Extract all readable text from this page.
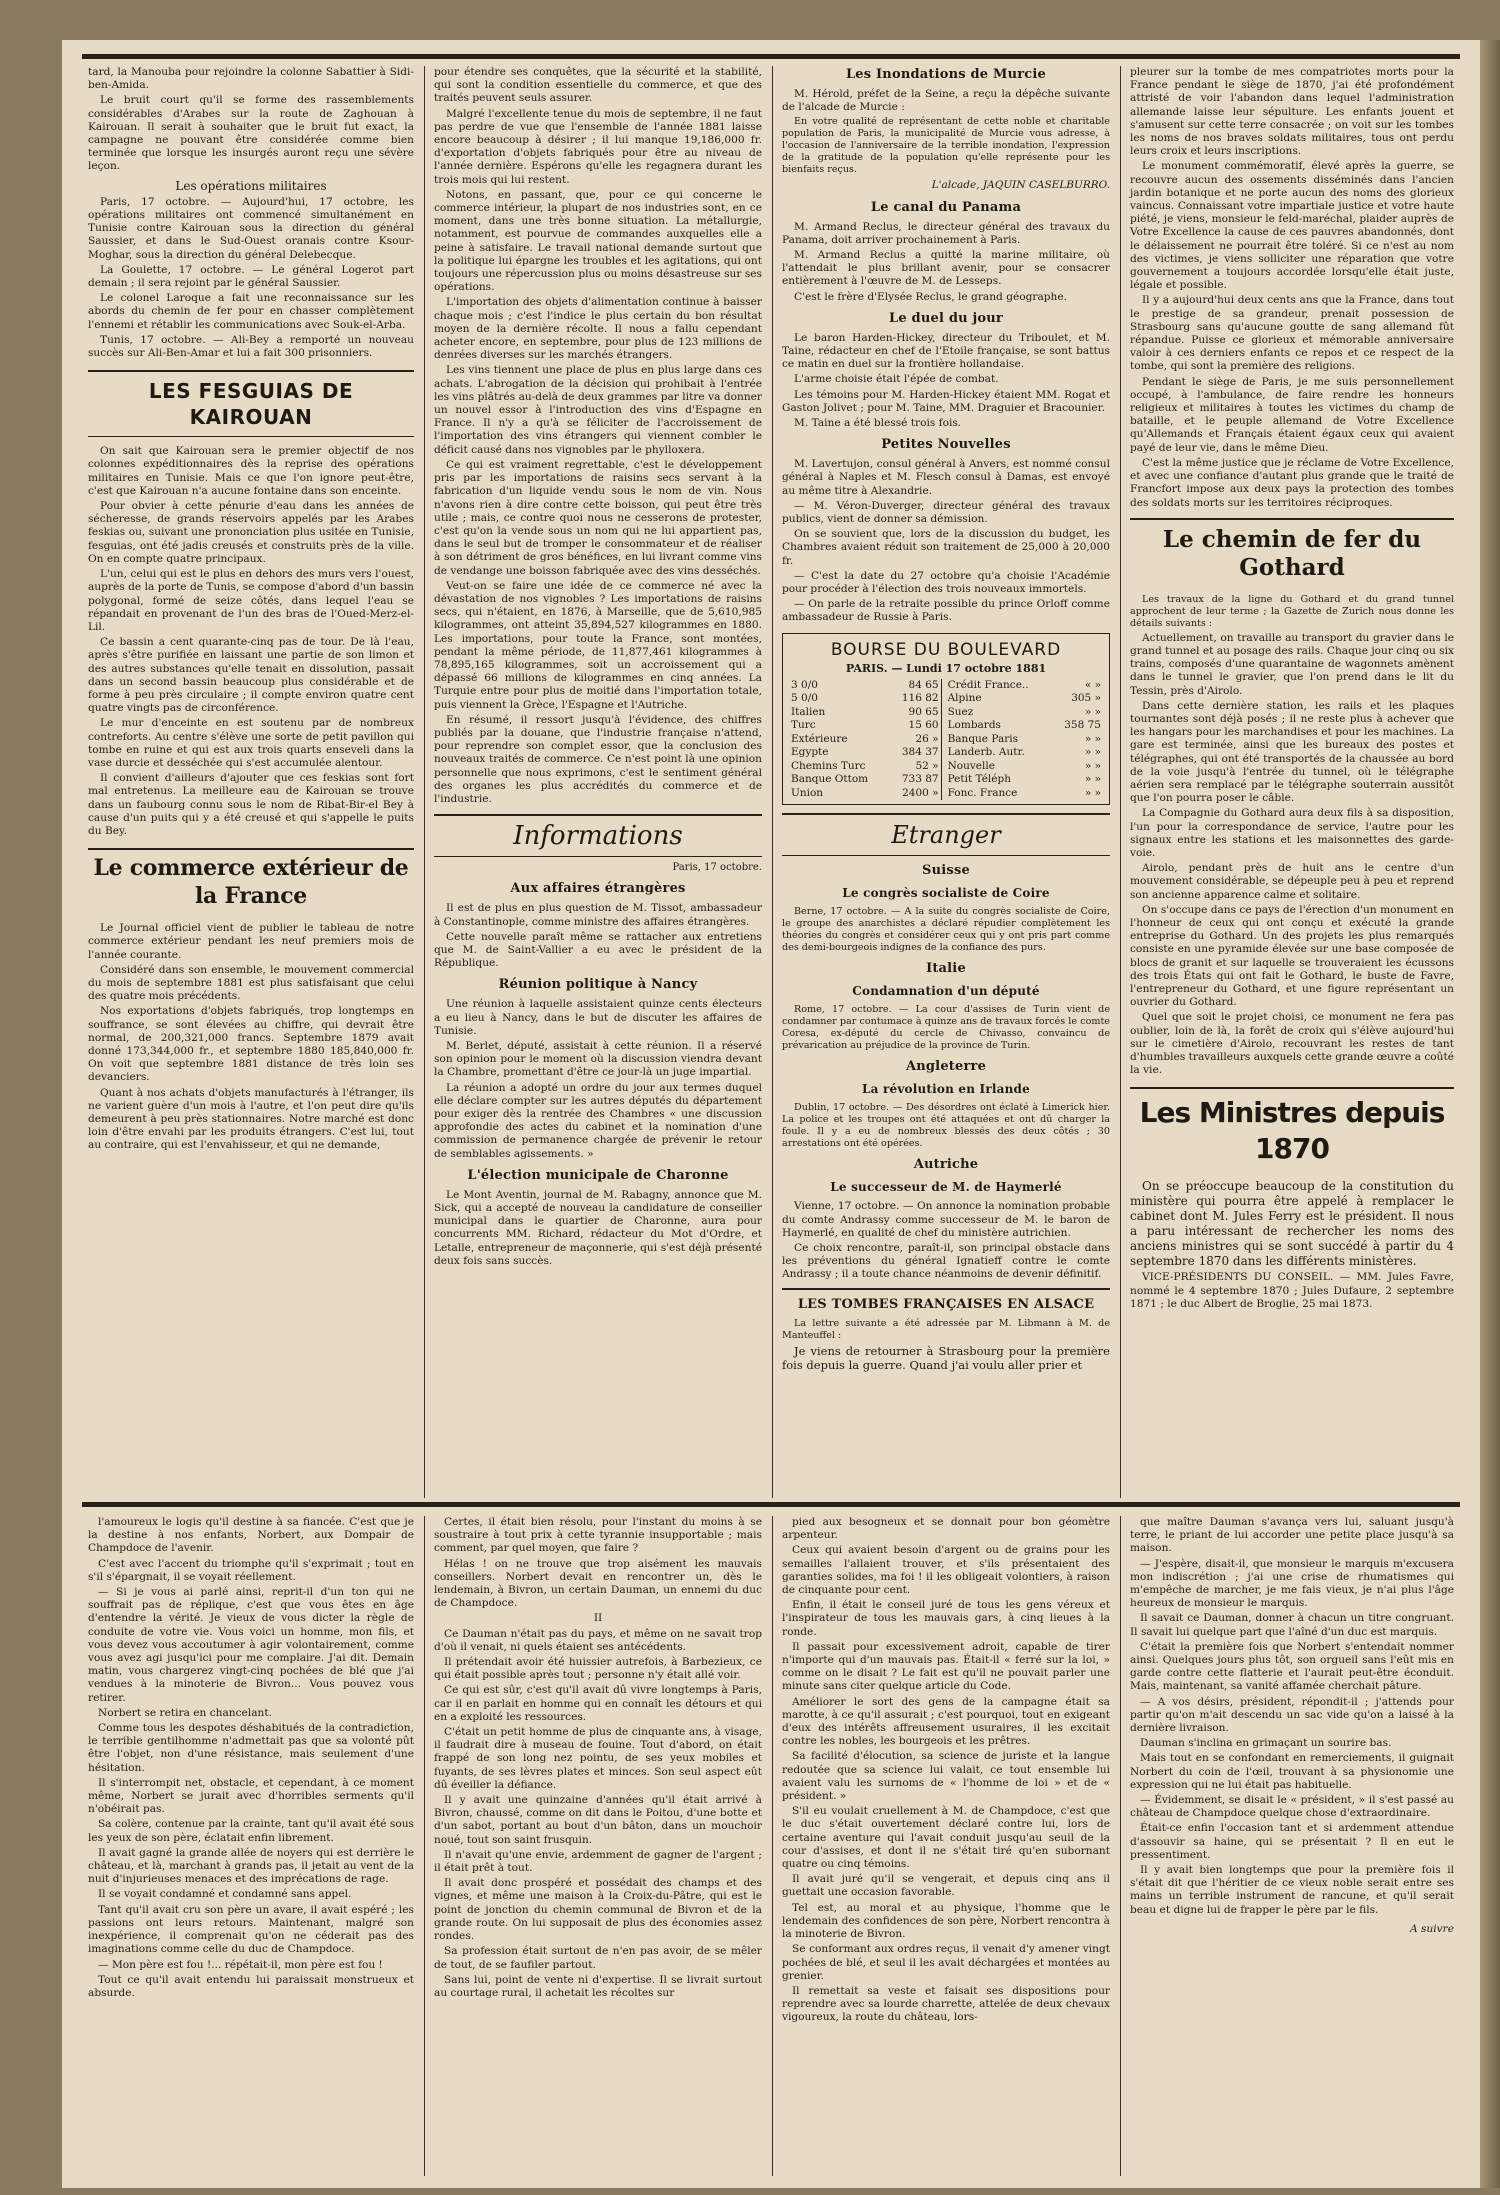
tard, la Manouba pour rejoindre la colonne Sabattier à Sidi-ben-Amida.

Le bruit court qu'il se forme des rassemblements considérables d'Arabes sur la route de Zaghouan à Kairouan. Il serait à souhaiter que le bruit fut exact, la campagne ne pouvant être considérée comme bien terminée que lorsque les insurgés auront reçu une sévère leçon.

Les opérations militaires

Paris, 17 octobre. — Aujourd'hui, 17 octobre, les opérations militaires ont commencé simultanément en Tunisie contre Kairouan sous la direction du général Saussier, et dans le Sud-Ouest oranais contre Ksour-Moghar, sous la direction du général Delebecque.

La Goulette, 17 octobre. — Le général Logerot part demain ; il sera rejoint par le général Saussier.

Le colonel Laroque a fait une reconnaissance sur les abords du chemin de fer pour en chasser complètement l'ennemi et rétablir les communications avec Souk-el-Arba.

Tunis, 17 octobre. — Ali-Bey a remporté un nouveau succès sur Ali-Ben-Amar et lui a fait 300 prisonniers.

LES FESGUIAS DE KAIROUAN

On sait que Kairouan sera le premier objectif de nos colonnes expéditionnaires dès la reprise des opérations militaires en Tunisie. Mais ce que l'on ignore peut-être, c'est que Kairouan n'a aucune fontaine dans son enceinte.

Pour obvier à cette pénurie d'eau dans les années de sécheresse, de grands réservoirs appelés par les Arabes feskias ou, suivant une prononciation plus usitée en Tunisie, fesguias, ont été jadis creusés et construits près de la ville. On en compte quatre principaux.

L'un, celui qui est le plus en dehors des murs vers l'ouest, auprès de la porte de Tunis, se compose d'abord d'un bassin polygonal, formé de seize côtés, dans lequel l'eau se répandait en provenant de l'un des bras de l'Oued-Merz-el-Lil.

Ce bassin a cent quarante-cinq pas de tour. De là l'eau, après s'être purifiée en laissant une partie de son limon et des autres substances qu'elle tenait en dissolution, passait dans un second bassin beaucoup plus considérable et de forme à peu près circulaire ; il compte environ quatre cent quatre vingts pas de circonférence.

Le mur d'enceinte en est soutenu par de nombreux contreforts. Au centre s'élève une sorte de petit pavillon qui tombe en ruine et qui est aux trois quarts enseveli dans la vase durcie et desséchée qui s'est accumulée alentour.

Il convient d'ailleurs d'ajouter que ces feskias sont fort mal entretenus. La meilleure eau de Kairouan se trouve dans un faubourg connu sous le nom de Ribat-Bir-el Bey à cause d'un puits qui y a été creusé et qui s'appelle le puits du Bey.

Le commerce extérieur de la France

Le Journal officiel vient de publier le tableau de notre commerce extérieur pendant les neuf premiers mois de l'année courante.

Considéré dans son ensemble, le mouvement commercial du mois de septembre 1881 est plus satisfaisant que celui des quatre mois précédents.

Nos exportations d'objets fabriqués, trop longtemps en souffrance, se sont élevées au chiffre, qui devrait être normal, de 200,321,000 francs. Septembre 1879 avait donné 173,344,000 fr., et septembre 1880 185,840,000 fr. On voit que septembre 1881 distance de très loin ses devanciers.

Quant à nos achats d'objets manufacturés à l'étranger, ils ne varient guère d'un mois à l'autre, et l'on peut dire qu'ils demeurent à peu près stationnaires. Notre marché est donc loin d'être envahi par les produits étrangers. C'est lui, tout au contraire, qui est l'envahisseur, et qui ne demande,

pour étendre ses conquêtes, que la sécurité et la stabilité, qui sont la condition essentielle du commerce, et que des traités peuvent seuls assurer.

Malgré l'excellente tenue du mois de septembre, il ne faut pas perdre de vue que l'ensemble de l'année 1881 laisse encore beaucoup à désirer ; il lui manque 19,186,000 fr. d'exportation d'objets fabriqués pour être au niveau de l'année dernière. Espérons qu'elle les regagnera durant les trois mois qui lui restent.

Notons, en passant, que, pour ce qui concerne le commerce intérieur, la plupart de nos industries sont, en ce moment, dans une très bonne situation. La métallurgie, notamment, est pourvue de commandes auxquelles elle a peine à satisfaire. Le travail national demande surtout que la politique lui épargne les troubles et les agitations, qui ont toujours une répercussion plus ou moins désastreuse sur ses opérations.

L'importation des objets d'alimentation continue à baisser chaque mois ; c'est l'indice le plus certain du bon résultat moyen de la dernière récolte. Il nous a fallu cependant acheter encore, en septembre, pour plus de 123 millions de denrées diverses sur les marchés étrangers.

Les vins tiennent une place de plus en plus large dans ces achats. L'abrogation de la décision qui prohibait à l'entrée les vins plâtrés au-delà de deux grammes par litre va donner un nouvel essor à l'introduction des vins d'Espagne en France. Il n'y a qu'à se féliciter de l'accroissement de l'importation des vins étrangers qui viennent combler le déficit causé dans nos vignobles par le phylloxera.

Ce qui est vraiment regrettable, c'est le développement pris par les importations de raisins secs servant à la fabrication d'un liquide vendu sous le nom de vin. Nous n'avons rien à dire contre cette boisson, qui peut être très utile ; mais, ce contre quoi nous ne cesserons de protester, c'est qu'on la vende sous un nom qui ne lui appartient pas, dans le seul but de tromper le consommateur et de réaliser à son détriment de gros bénéfices, en lui livrant comme vins de vendange une boisson fabriquée avec des vins desséchés.

Veut-on se faire une idée de ce commerce né avec la dévastation de nos vignobles ? Les importations de raisins secs, qui n'étaient, en 1876, à Marseille, que de 5,610,985 kilogrammes, ont atteint 35,894,527 kilogrammes en 1880. Les importations, pour toute la France, sont montées, pendant la même période, de 11,877,461 kilogrammes à 78,895,165 kilogrammes, soit un accroissement qui a dépassé 66 millions de kilogrammes en cinq années. La Turquie entre pour plus de moitié dans l'importation totale, puis viennent la Grèce, l'Espagne et l'Autriche.

En résumé, il ressort jusqu'à l'évidence, des chiffres publiés par la douane, que l'industrie française n'attend, pour reprendre son complet essor, que la conclusion des nouveaux traités de commerce. Ce n'est point là une opinion personnelle que nous exprimons, c'est le sentiment général des organes les plus accrédités du commerce et de l'industrie.

Informations
Paris, 17 octobre.
Aux affaires étrangères

Il est de plus en plus question de M. Tissot, ambassadeur à Constantinople, comme ministre des affaires étrangères.

Cette nouvelle paraît même se rattacher aux entretiens que M. de Saint-Vallier a eu avec le président de la République.

Réunion politique à Nancy

Une réunion à laquelle assistaient quinze cents électeurs a eu lieu à Nancy, dans le but de discuter les affaires de Tunisie.

M. Berlet, député, assistait à cette réunion. Il a réservé son opinion pour le moment où la discussion viendra devant la Chambre, promettant d'être ce jour-là un juge impartial.

La réunion a adopté un ordre du jour aux termes duquel elle déclare compter sur les autres députés du département pour exiger dès la rentrée des Chambres « une discussion approfondie des actes du cabinet et la nomination d'une commission de permanence chargée de prévenir le retour de semblables agissements. »

L'élection municipale de Charonne

Le Mont Aventin, journal de M. Rabagny, annonce que M. Sick, qui a accepté de nouveau la candidature de conseiller municipal dans le quartier de Charonne, aura pour concurrents MM. Richard, rédacteur du Mot d'Ordre, et Letalle, entrepreneur de maçonnerie, qui s'est déjà présenté deux fois sans succès.

Les Inondations de Murcie

M. Hérold, préfet de la Seine, a reçu la dépêche suivante de l'alcade de Murcie :

En votre qualité de représentant de cette noble et charitable population de Paris, la municipalité de Murcie vous adresse, à l'occasion de l'anniversaire de la terrible inondation, l'expression de la gratitude de la population qu'elle représente pour les bienfaits reçus.

L'alcade, JAQUIN CASELBURRO.
Le canal du Panama

M. Armand Reclus, le directeur général des travaux du Panama, doit arriver prochainement à Paris.

M. Armand Reclus a quitté la marine militaire, où l'attendait le plus brillant avenir, pour se consacrer entièrement à l'œuvre de M. de Lesseps.

C'est le frère d'Elysée Reclus, le grand géographe.

Le duel du jour

Le baron Harden-Hickey, directeur du Triboulet, et M. Taine, rédacteur en chef de l'Etoile française, se sont battus ce matin en duel sur la frontière hollandaise.

L'arme choisie était l'épée de combat.

Les témoins pour M. Harden-Hickey étaient MM. Rogat et Gaston Jolivet ; pour M. Taine, MM. Draguier et Bracounier.

M. Taine a été blessé trois fois.

Petites Nouvelles

M. Lavertujon, consul général à Anvers, est nommé consul général à Naples et M. Flesch consul à Damas, est envoyé au même titre à Alexandrie.

— M. Véron-Duverger, directeur général des travaux publics, vient de donner sa démission.

On se souvient que, lors de la discussion du budget, les Chambres avaient réduit son traitement de 25,000 à 20,000 fr.

— C'est la date du 27 octobre qu'a choisie l'Académie pour procéder à l'élection des trois nouveaux immortels.

— On parle de la retraite possible du prince Orloff comme ambassadeur de Russie à Paris.

BOURSE DU BOULEVARD
PARIS. — Lundi 17 octobre 1881
3 0/0	84 65	Crédit France..	« »
5 0/0	116 82	Alpine	305 »
Italien	90 65	Suez	» »
Turc	15 60	Lombards	358 75
Extérieure	26 »	Banque Paris	» »
Egypte	384 37	Landerb. Autr.	» »
Chemins Turc	52 »	Nouvelle	» »
Banque Ottom	733 87	Petit Téléph	» »
Union	2400 »	Fonc. France	» »
Etranger
Suisse
Le congrès socialiste de Coire

Berne, 17 octobre. — A la suite du congrès socialiste de Coire, le groupe des anarchistes a déclaré répudier complètement les théories du congrès et considérer ceux qui y ont pris part comme des demi-bourgeois indignes de la confiance des purs.

Italie
Condamnation d'un député

Rome, 17 octobre. — La cour d'assises de Turin vient de condamner par contumace à quinze ans de travaux forcés le comte Coresa, ex-député du cercle de Chivasso, convaincu de prévarication au préjudice de la province de Turin.

Angleterre
La révolution en Irlande

Dublin, 17 octobre. — Des désordres ont éclaté à Limerick hier. La police et les troupes ont été attaquées et ont dû charger la foule. Il y a eu de nombreux blessés des deux côtés ; 30 arrestations ont été opérées.

Autriche
Le successeur de M. de Haymerlé

Vienne, 17 octobre. — On annonce la nomination probable du comte Andrassy comme successeur de M. le baron de Haymerlé, en qualité de chef du ministère autrichien.

Ce choix rencontre, paraît-il, son principal obstacle dans les préventions du général Ignatieff contre le comte Andrassy ; il a toute chance néanmoins de devenir définitif.

LES TOMBES FRANÇAISES EN ALSACE

La lettre suivante a été adressée par M. Libmann à M. de Manteuffel :

Je viens de retourner à Strasbourg pour la première fois depuis la guerre. Quand j'ai voulu aller prier et

pleurer sur la tombe de mes compatriotes morts pour la France pendant le siège de 1870, j'ai été profondément attristé de voir l'abandon dans lequel l'administration allemande laisse leur sépulture. Les enfants jouent et s'amusent sur cette terre consacrée ; on voit sur les tombes les noms de nos braves soldats militaires, tous ont perdu leurs croix et leurs inscriptions.

Le monument commémoratif, élevé après la guerre, se recouvre aucun des ossements disséminés dans l'ancien jardin botanique et ne porte aucun des noms des glorieux vaincus. Connaissant votre impartiale justice et votre haute piété, je viens, monsieur le feld-maréchal, plaider auprès de Votre Excellence la cause de ces pauvres abandonnés, dont le délaissement ne pourrait être toléré. Si ce n'est au nom des victimes, je viens solliciter une réparation que votre gouvernement a toujours accordée lorsqu'elle était juste, légale et possible.

Il y a aujourd'hui deux cents ans que la France, dans tout le prestige de sa grandeur, prenait possession de Strasbourg sans qu'aucune goutte de sang allemand fût répandue. Puisse ce glorieux et mémorable anniversaire valoir à ces derniers enfants ce repos et ce respect de la tombe, qui sont la première des religions.

Pendant le siège de Paris, je me suis personnellement occupé, à l'ambulance, de faire rendre les honneurs religieux et militaires à toutes les victimes du champ de bataille, et le peuple allemand de Votre Excellence qu'Allemands et Français étaient égaux ceux qui avaient payé de leur vie, dans le même Dieu.

C'est la même justice que je réclame de Votre Excellence, et avec une confiance d'autant plus grande que le traité de Francfort impose aux deux pays la protection des tombes des soldats morts sur les territoires réciproques.

Le chemin de fer du Gothard

Les travaux de la ligne du Gothard et du grand tunnel approchent de leur terme ; la Gazette de Zurich nous donne les détails suivants :

Actuellement, on travaille au transport du gravier dans le grand tunnel et au posage des rails. Chaque jour cinq ou six trains, composés d'une quarantaine de wagonnets amènent dans le tunnel le gravier, que l'on prend dans le lit du Tessin, près d'Airolo.

Dans cette dernière station, les rails et les plaques tournantes sont déjà posés ; il ne reste plus à achever que les hangars pour les marchandises et pour les machines. La gare est terminée, ainsi que les bureaux des postes et télégraphes, qui ont été transportés de la chaussée au bord de la voie jusqu'à l'entrée du tunnel, où le télégraphe aérien sera remplacé par le télégraphe souterrain aussitôt que l'on pourra poser le câble.

La Compagnie du Gothard aura deux fils à sa disposition, l'un pour la correspondance de service, l'autre pour les signaux entre les stations et les maisonnettes des garde-voie.

Airolo, pendant près de huit ans le centre d'un mouvement considérable, se dépeuple peu à peu et reprend son ancienne apparence calme et solitaire.

On s'occupe dans ce pays de l'érection d'un monument en l'honneur de ceux qui ont conçu et exécuté la grande entreprise du Gothard. Un des projets les plus remarqués consiste en une pyramide élevée sur une base composée de blocs de granit et sur laquelle se trouveraient les écussons des trois États qui ont fait le Gothard, le buste de Favre, l'entrepreneur du Gothard, et une figure représentant un ouvrier du Gothard.

Quel que soit le projet choisi, ce monument ne fera pas oublier, loin de là, la forêt de croix qui s'élève aujourd'hui sur le cimetière d'Airolo, recouvrant les restes de tant d'humbles travailleurs auxquels cette grande œuvre a coûté la vie.

Les Ministres depuis 1870

On se préoccupe beaucoup de la constitution du ministère qui pourra être appelé à remplacer le cabinet dont M. Jules Ferry est le président. Il nous a paru intéressant de rechercher les noms des anciens ministres qui se sont succédé à partir du 4 septembre 1870 dans les différents ministères.

VICE-PRÉSIDENTS DU CONSEIL. — MM. Jules Favre, nommé le 4 septembre 1870 ; Jules Dufaure, 2 septembre 1871 ; le duc Albert de Broglie, 25 mai 1873.

l'amoureux le logis qu'il destine à sa fiancée. C'est que je la destine à nos enfants, Norbert, aux Dompair de Champdoce de l'avenir.

C'est avec l'accent du triomphe qu'il s'exprimait ; tout en s'il s'épargnait, il se voyait réellement.

— Si je vous ai parlé ainsi, reprit-il d'un ton qui ne souffrait pas de réplique, c'est que vous êtes en âge d'entendre la vérité. Je vieux de vous dicter la règle de conduite de votre vie. Vous voici un homme, mon fils, et vous devez vous accoutumer à agir volontairement, comme vous avez agi jusqu'ici pour me complaire. J'ai dit. Demain matin, vous chargerez vingt-cinq pochées de blé que j'ai vendues à la minoterie de Bivron... Vous pouvez vous retirer.

Norbert se retira en chancelant.

Comme tous les despotes déshabitués de la contradiction, le terrible gentilhomme n'admettait pas que sa volonté pût être l'objet, non d'une résistance, mais seulement d'une hésitation.

Il s'interrompit net, obstacle, et cependant, à ce moment même, Norbert se jurait avec d'horribles serments qu'il n'obéirait pas.

Sa colère, contenue par la crainte, tant qu'il avait été sous les yeux de son père, éclatait enfin librement.

Il avait gagné la grande allée de noyers qui est derrière le château, et là, marchant à grands pas, il jetait au vent de la nuit d'injurieuses menaces et des imprécations de rage.

Il se voyait condamné et condamné sans appel.

Tant qu'il avait cru son père un avare, il avait espéré ; les passions ont leurs retours. Maintenant, malgré son inexpérience, il comprenait qu'on ne céderait pas des imaginations comme celle du duc de Champdoce.

— Mon père est fou !... répétait-il, mon père est fou !

Tout ce qu'il avait entendu lui paraissait monstrueux et absurde.

Certes, il était bien résolu, pour l'instant du moins à se soustraire à tout prix à cette tyrannie insupportable ; mais comment, par quel moyen, que faire ?

Hélas ! on ne trouve que trop aisément les mauvais conseillers. Norbert devait en rencontrer un, dès le lendemain, à Bivron, un certain Dauman, un ennemi du duc de Champdoce.

II

Ce Dauman n'était pas du pays, et même on ne savait trop d'où il venait, ni quels étaient ses antécédents.

Il prétendait avoir été huissier autrefois, à Barbezieux, ce qui était possible après tout ; personne n'y était allé voir.

Ce qui est sûr, c'est qu'il avait dû vivre longtemps à Paris, car il en parlait en homme qui en connaît les détours et qui en a exploité les ressources.

C'était un petit homme de plus de cinquante ans, à visage, il faudrait dire à museau de fouine. Tout d'abord, on était frappé de son long nez pointu, de ses yeux mobiles et fuyants, de ses lèvres plates et minces. Son seul aspect eût dû éveiller la défiance.

Il y avait une quinzaine d'années qu'il était arrivé à Bivron, chaussé, comme on dit dans le Poitou, d'une botte et d'un sabot, portant au bout d'un bâton, dans un mouchoir noué, tout son saint frusquin.

Il n'avait qu'une envie, ardemment de gagner de l'argent ; il était prêt à tout.

Il avait donc prospéré et possédait des champs et des vignes, et même une maison à la Croix-du-Pâtre, qui est le point de jonction du chemin communal de Bivron et de la grande route. On lui supposait de plus des économies assez rondes.

Sa profession était surtout de n'en pas avoir, de se mêler de tout, de se faufiler partout.

Sans lui, point de vente ni d'expertise. Il se livrait surtout au courtage rural, il achetait les récoltes sur

pied aux besogneux et se donnait pour bon géomètre arpenteur.

Ceux qui avaient besoin d'argent ou de grains pour les semailles l'allaient trouver, et s'ils présentaient des garanties solides, ma foi ! il les obligeait volontiers, à raison de cinquante pour cent.

Enfin, il était le conseil juré de tous les gens véreux et l'inspirateur de tous les mauvais gars, à cinq lieues à la ronde.

Il passait pour excessivement adroit, capable de tirer n'importe qui d'un mauvais pas. Était-il « ferré sur la loi, » comme on le disait ? Le fait est qu'il ne pouvait parler une minute sans citer quelque article du Code.

Améliorer le sort des gens de la campagne était sa marotte, à ce qu'il assurait ; c'est pourquoi, tout en exigeant d'eux des intérêts affreusement usuraires, il les excitait contre les nobles, les bourgeois et les prêtres.

Sa facilité d'élocution, sa science de juriste et la langue redoutée que sa science lui valait, ce tout ensemble lui avaient valu les surnoms de « l'homme de loi » et de « président. »

S'il eu voulait cruellement à M. de Champdoce, c'est que le duc s'était ouvertement déclaré contre lui, lors de certaine aventure qui l'avait conduit jusqu'au seuil de la cour d'assises, et dont il ne s'était tiré qu'en subornant quatre ou cinq témoins.

Il avait juré qu'il se vengerait, et depuis cinq ans il guettait une occasion favorable.

Tel est, au moral et au physique, l'homme que le lendemain des confidences de son père, Norbert rencontra à la minoterie de Bivron.

Se conformant aux ordres reçus, il venait d'y amener vingt pochées de blé, et seul il les avait déchargées et montées au grenier.

Il remettait sa veste et faisait ses dispositions pour reprendre avec sa lourde charrette, attelée de deux chevaux vigoureux, la route du château, lors-

que maître Dauman s'avança vers lui, saluant jusqu'à terre, le priant de lui accorder une petite place jusqu'à sa maison.

— J'espère, disait-il, que monsieur le marquis m'excusera mon indiscrétion ; j'ai une crise de rhumatismes qui m'empêche de marcher, je me fais vieux, je n'ai plus l'âge heureux de monsieur le marquis.

Il savait ce Dauman, donner à chacun un titre congruant. Il savait lui quelque part que l'aîné d'un duc est marquis.

C'était la première fois que Norbert s'entendait nommer ainsi. Quelques jours plus tôt, son orgueil sans l'eût mis en garde contre cette flatterie et l'aurait peut-être éconduit. Mais, maintenant, sa vanité affamée cherchait pâture.

— A vos désirs, président, répondit-il ; j'attends pour partir qu'on m'ait descendu un sac vide qu'on a laissé à la dernière livraison.

Dauman s'inclina en grimaçant un sourire bas.

Mais tout en se confondant en remerciements, il guignait Norbert du coin de l'œil, trouvant à sa physionomie une expression qui ne lui était pas habituelle.

— Évidemment, se disait le « président, » il s'est passé au château de Champdoce quelque chose d'extraordinaire.

Était-ce enfin l'occasion tant et si ardemment attendue d'assouvir sa haine, qui se présentait ? Il en eut le pressentiment.

Il y avait bien longtemps que pour la première fois il s'était dit que l'héritier de ce vieux noble serait entre ses mains un terrible instrument de rancune, et qu'il serait beau et digne lui de frapper le père par le fils.

A suivre
